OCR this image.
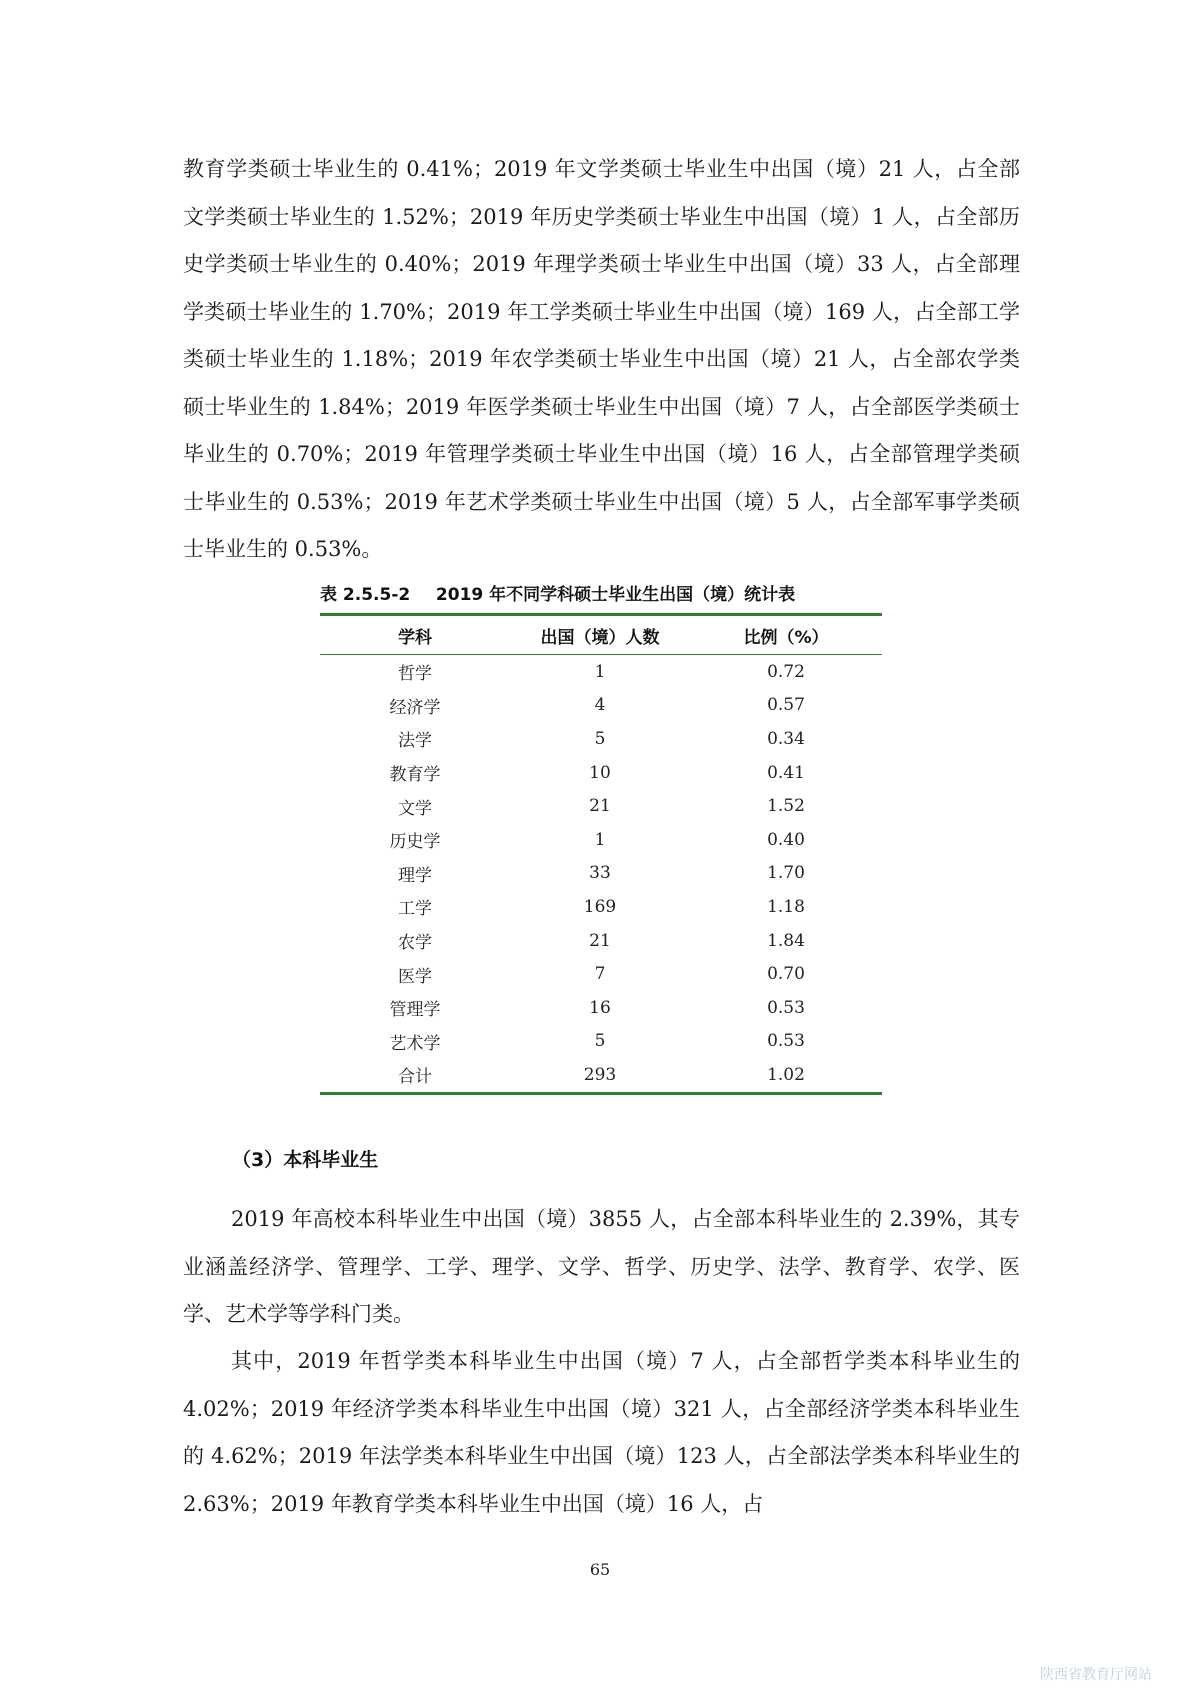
教育学类硕士毕业生的 0.41%；2019 年文学类硕士毕业生中出国（境）21 人，占全部文学类硕士毕业生的 1.52%；2019 年历史学类硕士毕业生中出国（境）1 人，占全部历史学类硕士毕业生的 0.40%；2019 年理学类硕士毕业生中出国（境）33 人，占全部理学类硕士毕业生的 1.70%；2019 年工学类硕士毕业生中出国（境）169 人，占全部工学类硕士毕业生的 1.18%；2019 年农学类硕士毕业生中出国（境）21 人，占全部农学类硕士毕业生的 1.84%；2019 年医学类硕士毕业生中出国（境）7 人，占全部医学类硕士毕业生的 0.70%；2019 年管理学类硕士毕业生中出国（境）16 人，占全部管理学类硕士毕业生的 0.53%；2019 年艺术学类硕士毕业生中出国（境）5 人，占全部军事学类硕士毕业生的 0.53%。

表 2.5.5-2 2019 年不同学科硕士毕业生出国（境）统计表
学科	出国（境）人数	比例（%）
哲学	1	0.72
经济学	4	0.57
法学	5	0.34
教育学	10	0.41
文学	21	1.52
历史学	1	0.40
理学	33	1.70
工学	169	1.18
农学	21	1.84
医学	7	0.70
管理学	16	0.53
艺术学	5	0.53
合计	293	1.02
（3）本科毕业生

2019 年高校本科毕业生中出国（境）3855 人，占全部本科毕业生的 2.39%，其专业涵盖经济学、管理学、工学、理学、文学、哲学、历史学、法学、教育学、农学、医学、艺术学等学科门类。

其中，2019 年哲学类本科毕业生中出国（境）7 人，占全部哲学类本科毕业生的 4.02%；2019 年经济学类本科毕业生中出国（境）321 人，占全部经济学类本科毕业生的 4.62%；2019 年法学类本科毕业生中出国（境）123 人，占全部法学类本科毕业生的 2.63%；2019 年教育学类本科毕业生中出国（境）16 人，占

65
陕西省教育厅网站
